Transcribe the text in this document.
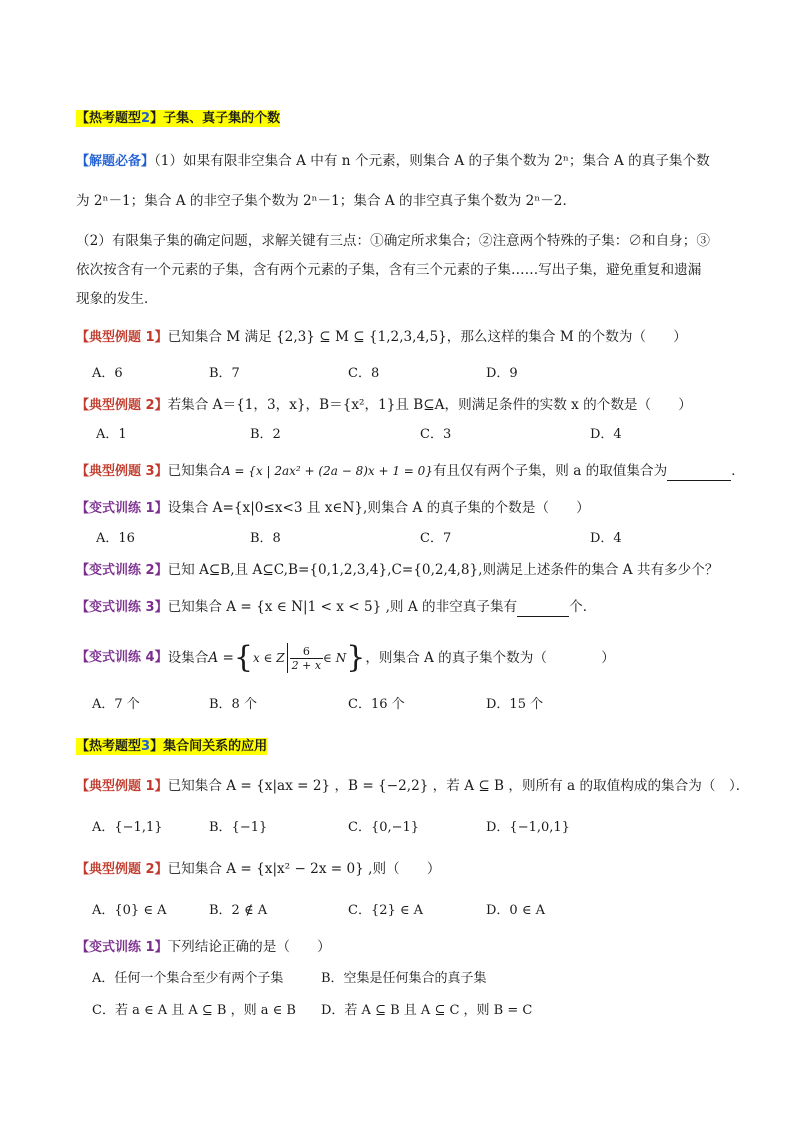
【热考题型2】子集、真子集的个数
【解题必备】（1）如果有限非空集合 A 中有 n 个元素，则集合 A 的子集个数为 2ⁿ；集合 A 的真子集个数
为 2ⁿ－1；集合 A 的非空子集个数为 2ⁿ－1；集合 A 的非空真子集个数为 2ⁿ－2．
（2）有限集子集的确定问题，求解关键有三点：①确定所求集合；②注意两个特殊的子集：∅和自身；③
依次按含有一个元素的子集，含有两个元素的子集，含有三个元素的子集……写出子集，避免重复和遗漏
现象的发生．
【典型例题 1】已知集合 M 满足 {2,3} ⊆ M ⊆ {1,2,3,4,5}，那么这样的集合 M 的个数为（　　）
A．6	B．7	C．8	D．9
【典型例题 2】若集合 A＝{1，3，x}，B＝{x²，1}且 B⊆A，则满足条件的实数 x 的个数是（　　）
A．1	B．2	C．3	D．4
【典型例题 3】已知集合A = {x | 2ax² + (2a − 8)x + 1 = 0}有且仅有两个子集，则 a 的取值集合为	．
【变式训练 1】设集合 A={x|0≤x<3 且 x∈N},则集合 A 的真子集的个数是（　　）
A．16	B．8	C．7	D．4
【变式训练 2】已知 A⊆B,且 A⊆C,B={0,1,2,3,4},C={0,2,4,8},则满足上述条件的集合 A 共有多少个？
【变式训练 3】已知集合 A = {x ∈ N|1 < x < 5} ,则 A 的非空真子集有	个．
【变式训练 4】 设集合 A = { x ∈ Z $\frac{6}{2 + x}$ ∈ N } ，则集合 A 的真子集个数为（　　　　）
A．7 个	B．8 个	C．16 个	D．15 个
【热考题型3】集合间关系的应用
【典型例题 1】已知集合 A = {x|ax = 2} ，B = {−2,2} ，若 A ⊆ B ，则所有 a 的取值构成的集合为（　）．
A．{−1,1}	B．{−1}	C．{0,−1}	D．{−1,0,1}
【典型例题 2】已知集合 A = {x|x² − 2x = 0} ,则（　　）
A．{0} ∈ A	B．2 ∉ A	C．{2} ∈ A	D．0 ∈ A
【变式训练 1】下列结论正确的是（　　）
A．任何一个集合至少有两个子集	B．空集是任何集合的真子集
C．若 a ∈ A 且 A ⊆ B ，则 a ∈ B D．若 A ⊆ B 且 A ⊆ C ，则 B = C
